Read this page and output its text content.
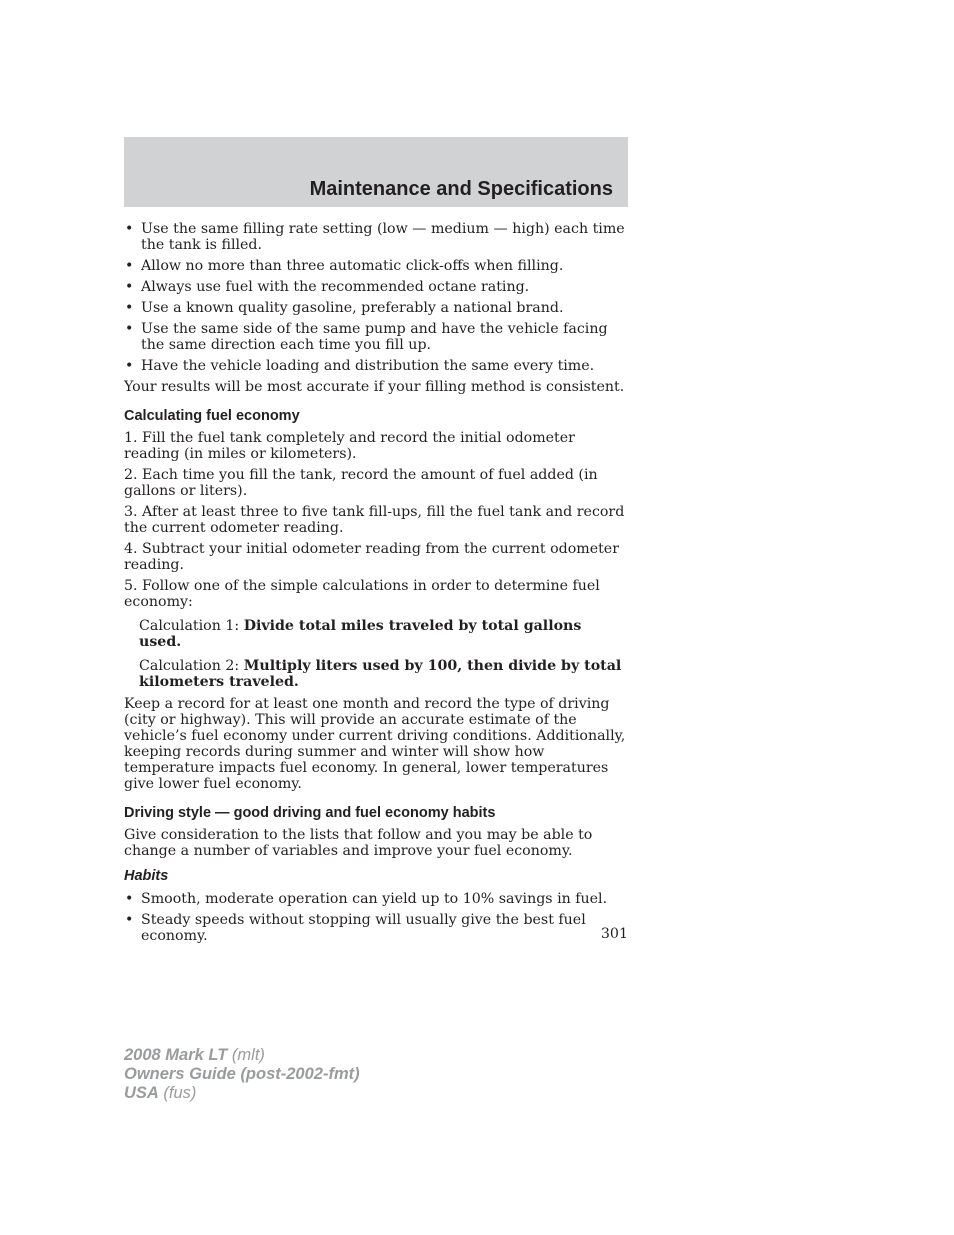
Maintenance and Specifications
• Use the same filling rate setting (low — medium — high) each time the tank is filled.
• Allow no more than three automatic click-offs when filling.
• Always use fuel with the recommended octane rating.
• Use a known quality gasoline, preferably a national brand.
• Use the same side of the same pump and have the vehicle facing the same direction each time you fill up.
• Have the vehicle loading and distribution the same every time.

Your results will be most accurate if your filling method is consistent.

Calculating fuel economy

1. Fill the fuel tank completely and record the initial odometer reading (in miles or kilometers).

2. Each time you fill the tank, record the amount of fuel added (in gallons or liters).

3. After at least three to five tank fill-ups, fill the fuel tank and record the current odometer reading.

4. Subtract your initial odometer reading from the current odometer reading.

5. Follow one of the simple calculations in order to determine fuel economy:

Calculation 1: Divide total miles traveled by total gallons used.

Calculation 2: Multiply liters used by 100, then divide by total kilometers traveled.

Keep a record for at least one month and record the type of driving (city or highway). This will provide an accurate estimate of the vehicle’s fuel economy under current driving conditions. Additionally, keeping records during summer and winter will show how temperature impacts fuel economy. In general, lower temperatures give lower fuel economy.

Driving style — good driving and fuel economy habits

Give consideration to the lists that follow and you may be able to change a number of variables and improve your fuel economy.

Habits
• Smooth, moderate operation can yield up to 10% savings in fuel.
• Steady speeds without stopping will usually give the best fuel economy.	301
2008 Mark LT (mlt)
Owners Guide (post-2002-fmt)
USA (fus)
